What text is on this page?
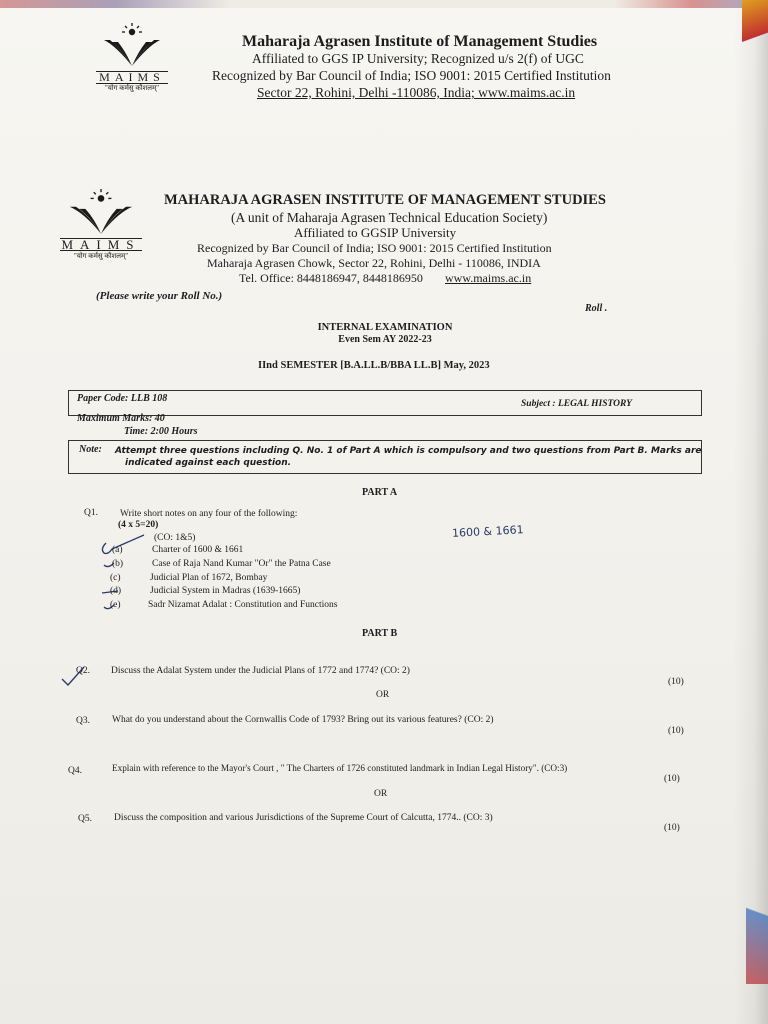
MAIMS
"योग कर्मसु कौशलम्"
Maharaja Agrasen Institute of Management Studies
Affiliated to GGS IP University; Recognized u/s 2(f) of UGC
Recognized by Bar Council of India; ISO 9001: 2015 Certified Institution
Sector 22, Rohini, Delhi -110086, India; www.maims.ac.in
MAIMS
"योग कर्मसु कौशलम्"
MAHARAJA AGRASEN INSTITUTE OF MANAGEMENT STUDIES
(A unit of Maharaja Agrasen Technical Education Society)
Affiliated to GGSIP University
Recognized by Bar Council of India; ISO 9001: 2015 Certified Institution
Maharaja Agrasen Chowk, Sector 22, Rohini, Delhi - 110086, INDIA
Tel. Office: 8448186947, 8448186950 www.maims.ac.in
(Please write your Roll No.)
Roll .
INTERNAL EXAMINATION
Even Sem AY 2022-23
IInd SEMESTER [B.A.LL.B/BBA LL.B] May, 2023
Paper Code: LLB 108	Subject : LEGAL HISTORY
Maximum Marks: 40
Time: 2:00 Hours
Note: Attempt three questions including Q. No. 1 of Part A which is compulsory and two questions from Part B. Marks are
indicated against each question.
PART A
Q1. Write short notes on any four of the following:
(4 x 5=20)
(CO: 1&5)	1600 & 1661
(a)	Charter of 1600 & 1661
(b)	Case of Raja Nand Kumar "Or" the Patna Case
(c)	Judicial Plan of 1672, Bombay
(d)	Judicial System in Madras (1639-1665)
(e)	Sadr Nizamat Adalat : Constitution and Functions
PART B
Q2. Discuss the Adalat System under the Judicial Plans of 1772 and 1774? (CO: 2)
(10)
OR
Q3. What do you understand about the Cornwallis Code of 1793? Bring out its various features? (CO: 2)
(10)
Q4.	Explain with reference to the Mayor's Court , " The Charters of 1726 constituted landmark in Indian Legal History". (CO:3)
(10)
OR
Q5. Discuss the composition and various Jurisdictions of the Supreme Court of Calcutta, 1774.. (CO: 3)
(10)
